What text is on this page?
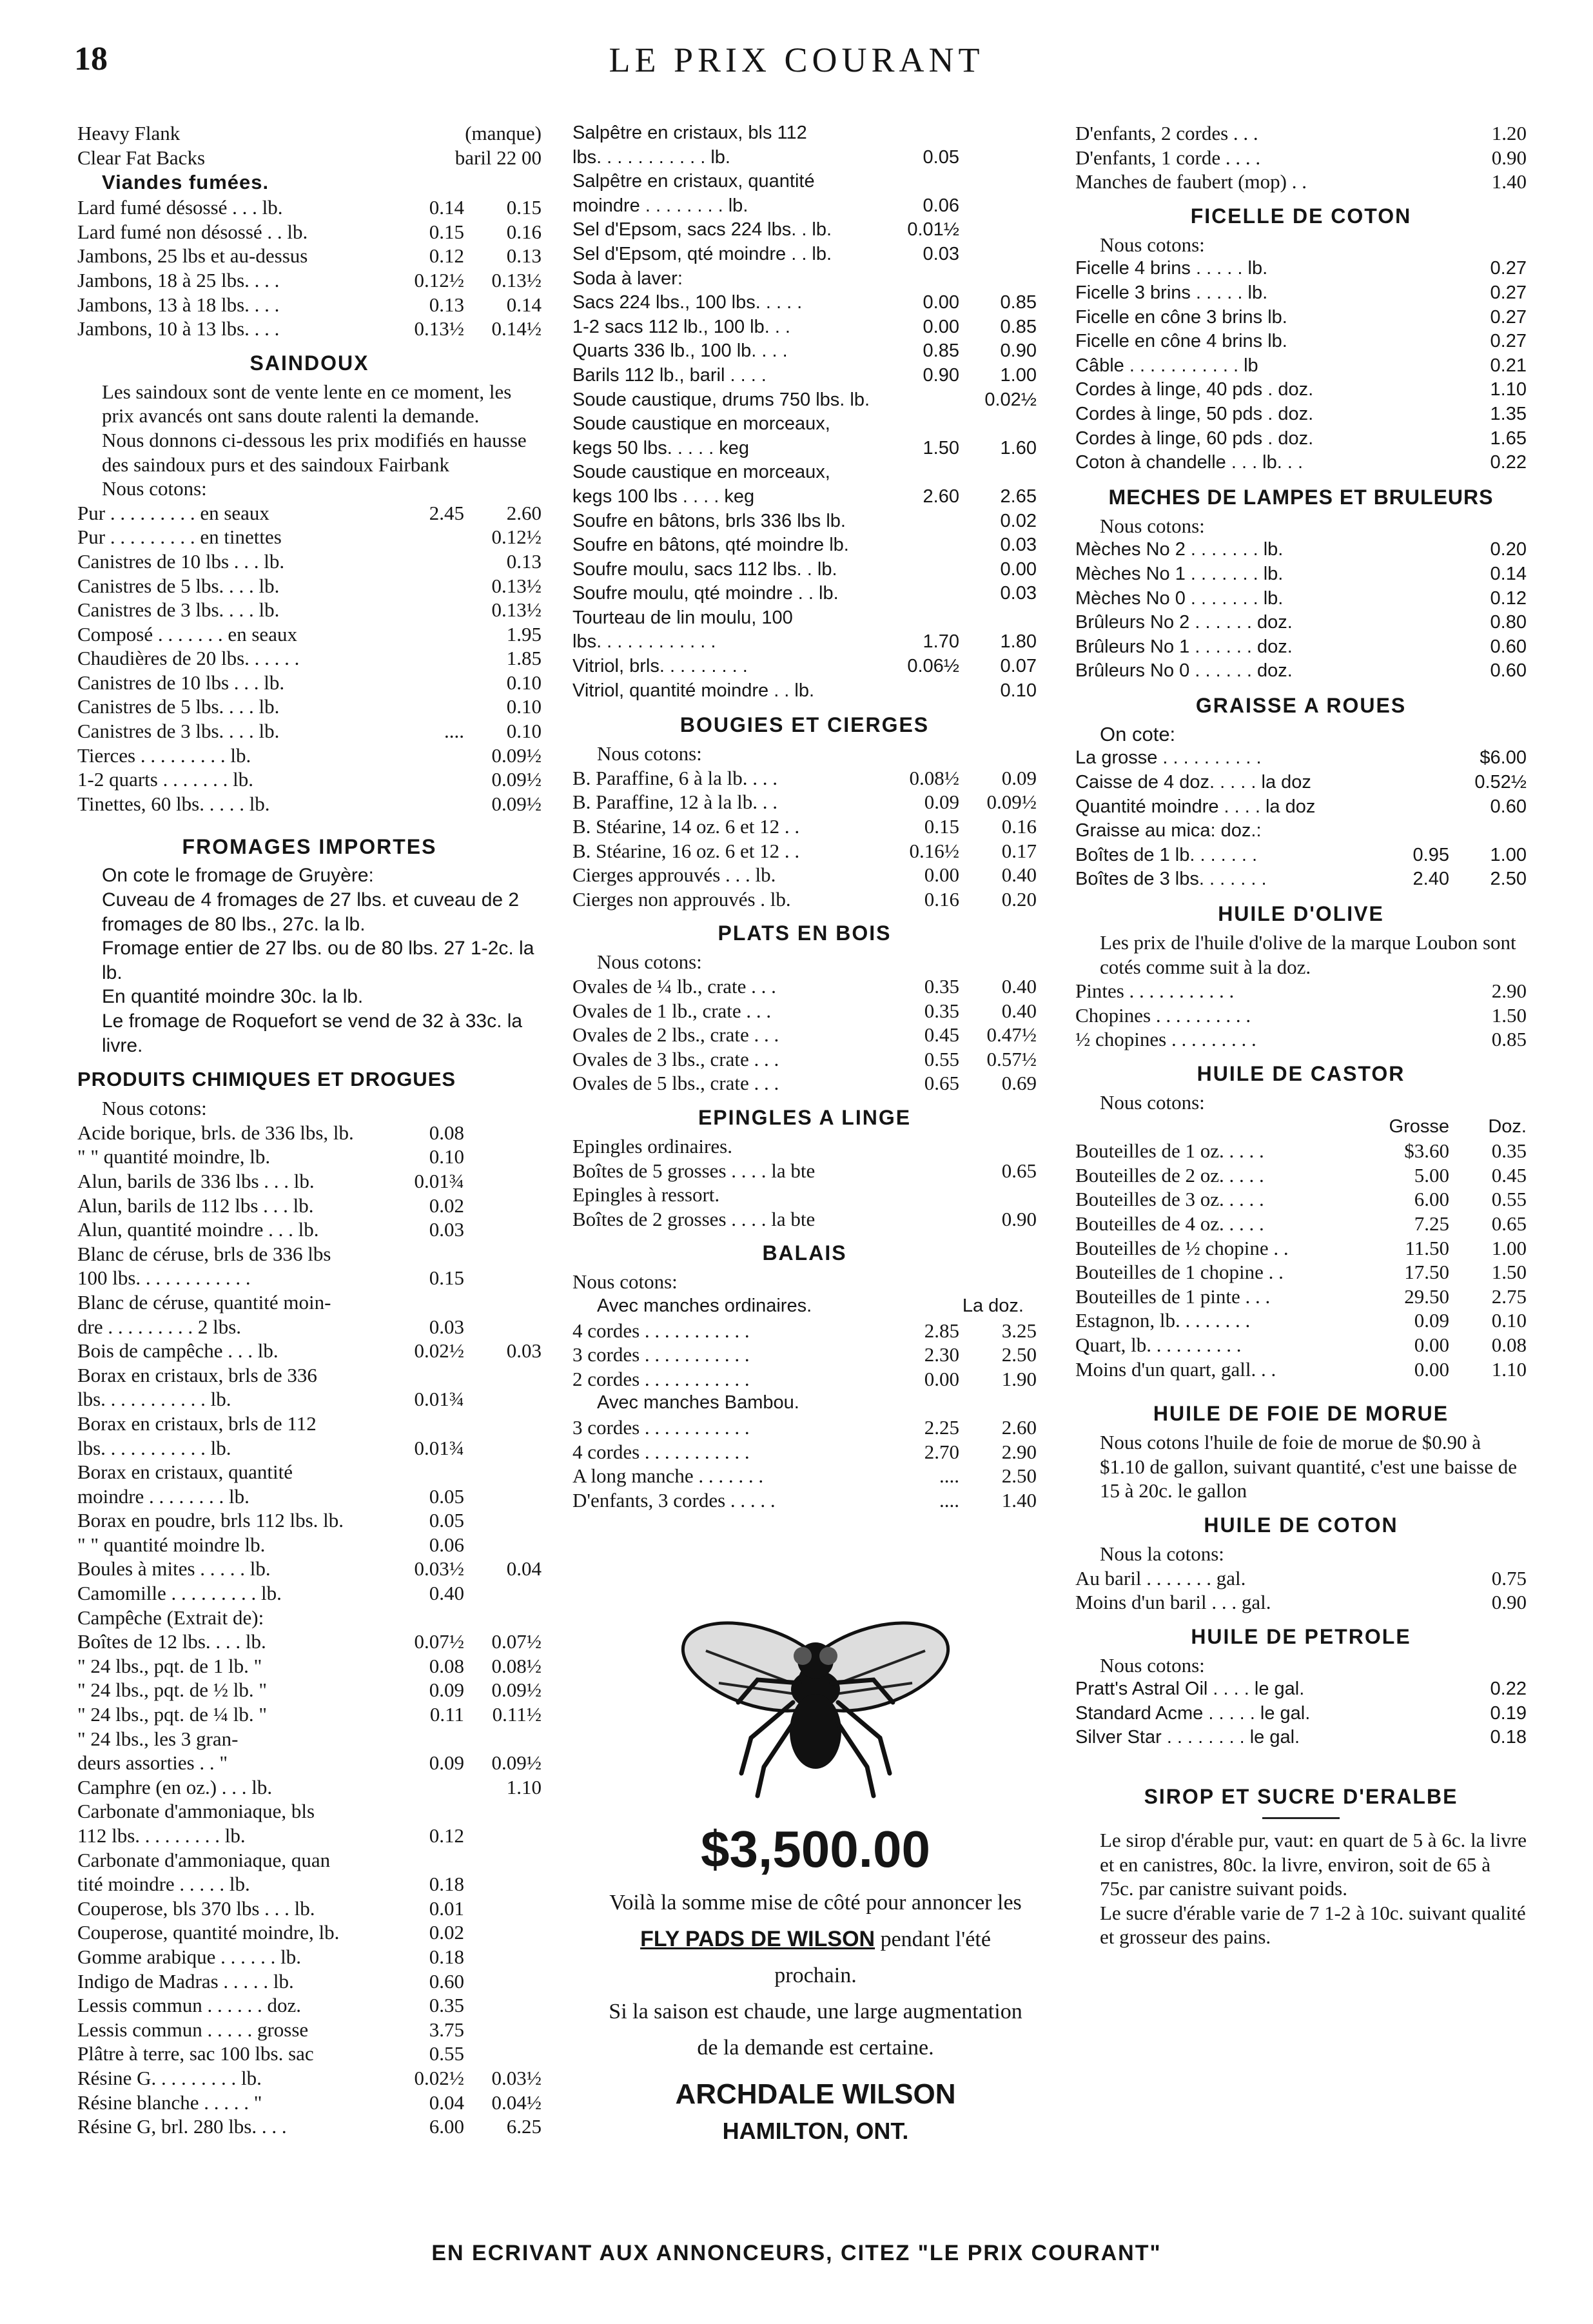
18	LE PRIX COURANT
Heavy Flank	(manque)
Clear Fat Backs	baril 22 00
Viandes fumées.
Lard fumé désossé . . . lb.	0.14	0.15
Lard fumé non désossé . . lb.	0.15	0.16
Jambons, 25 lbs et au-dessus	0.12	0.13
Jambons, 18 à 25 lbs. . . .	0.12½	0.13½
Jambons, 13 à 18 lbs. . . .	0.13	0.14
Jambons, 10 à 13 lbs. . . .	0.13½	0.14½
SAINDOUX
Les saindoux sont de vente lente en ce moment, les prix avancés ont sans doute ralenti la demande.
Nous donnons ci-dessous les prix modifiés en hausse des saindoux purs et des saindoux Fairbank
Nous cotons:
Pur . . . . . . . . . en seaux	2.45	2.60
Pur . . . . . . . . . en tinettes	0.12½
Canistres de 10 lbs . . . lb.	0.13
Canistres de 5 lbs. . . . lb.	0.13½
Canistres de 3 lbs. . . . lb.	0.13½
Composé . . . . . . . en seaux	1.95
Chaudières de 20 lbs. . . . . .	1.85
Canistres de 10 lbs . . . lb.	0.10
Canistres de 5 lbs. . . . lb.	0.10
Canistres de 3 lbs. . . . lb.	....	0.10
Tierces . . . . . . . . . lb.	0.09½
1-2 quarts . . . . . . . lb.	0.09½
Tinettes, 60 lbs. . . . . lb.	0.09½
FROMAGES IMPORTES
On cote le fromage de Gruyère:
Cuveau de 4 fromages de 27 lbs. et cuveau de 2 fromages de 80 lbs., 27c. la lb.
Fromage entier de 27 lbs. ou de 80 lbs. 27 1-2c. la lb.
En quantité moindre 30c. la lb.
Le fromage de Roquefort se vend de 32 à 33c. la livre.
PRODUITS CHIMIQUES ET DROGUES
Nous cotons:
Acide borique, brls. de 336 lbs, lb.	0.08
" " quantité moindre, lb.	0.10
Alun, barils de 336 lbs . . . lb.	0.01¾
Alun, barils de 112 lbs . . . lb.	0.02
Alun, quantité moindre . . . lb.	0.03
Blanc de céruse, brls de 336 lbs
100 lbs. . . . . . . . . . . .	0.15
Blanc de céruse, quantité moin-
dre . . . . . . . . . 2 lbs.	0.03
Bois de campêche . . . lb.	0.02½	0.03
Borax en cristaux, brls de 336
lbs. . . . . . . . . . . lb.	0.01¾
Borax en cristaux, brls de 112
lbs. . . . . . . . . . . lb.	0.01¾
Borax en cristaux, quantité
moindre . . . . . . . . lb.	0.05
Borax en poudre, brls 112 lbs. lb.	0.05
" " quantité moindre lb.	0.06
Boules à mites . . . . . lb.	0.03½	0.04
Camomille . . . . . . . . . lb.	0.40
Campêche (Extrait de):
Boîtes de 12 lbs. . . . lb.	0.07½	0.07½
" 24 lbs., pqt. de 1 lb. "	0.08	0.08½
" 24 lbs., pqt. de ½ lb. "	0.09	0.09½
" 24 lbs., pqt. de ¼ lb. "	0.11	0.11½
" 24 lbs., les 3 gran-
deurs assorties . . "	0.09	0.09½
Camphre (en oz.) . . . lb.	1.10
Carbonate d'ammoniaque, bls
112 lbs. . . . . . . . . lb.	0.12
Carbonate d'ammoniaque, quan
tité moindre . . . . . lb.	0.18
Couperose, bls 370 lbs . . . lb.	0.01
Couperose, quantité moindre, lb.	0.02
Gomme arabique . . . . . . lb.	0.18
Indigo de Madras . . . . . lb.	0.60
Lessis commun . . . . . . doz.	0.35
Lessis commun . . . . . grosse	3.75
Plâtre à terre, sac 100 lbs. sac	0.55
Résine G. . . . . . . . . lb.	0.02½	0.03½
Résine blanche . . . . . "	0.04	0.04½
Résine G, brl. 280 lbs. . . .	6.00	6.25
Salpêtre en cristaux, bls 112
lbs. . . . . . . . . . . lb.	0.05
Salpêtre en cristaux, quantité
moindre . . . . . . . . lb.	0.06
Sel d'Epsom, sacs 224 lbs. . lb.	0.01½
Sel d'Epsom, qté moindre . . lb.	0.03
Soda à laver:
Sacs 224 lbs., 100 lbs. . . . .	0.00	0.85
1-2 sacs 112 lb., 100 lb. . .	0.00	0.85
Quarts 336 lb., 100 lb. . . .	0.85	0.90
Barils 112 lb., baril . . . .	0.90	1.00
Soude caustique, drums 750 lbs. lb.	0.02½
Soude caustique en morceaux,
kegs 50 lbs. . . . . keg	1.50	1.60
Soude caustique en morceaux,
kegs 100 lbs . . . . keg	2.60	2.65
Soufre en bâtons, brls 336 lbs lb.	0.02
Soufre en bâtons, qté moindre lb.	0.03
Soufre moulu, sacs 112 lbs. . lb.	0.00
Soufre moulu, qté moindre . . lb.	0.03
Tourteau de lin moulu, 100
lbs. . . . . . . . . . . .	1.70	1.80
Vitriol, brls. . . . . . . . .	0.06½	0.07
Vitriol, quantité moindre . . lb.	0.10
BOUGIES ET CIERGES
Nous cotons:
B. Paraffine, 6 à la lb. . . .	0.08½	0.09
B. Paraffine, 12 à la lb. . .	0.09	0.09½
B. Stéarine, 14 oz. 6 et 12 . .	0.15	0.16
B. Stéarine, 16 oz. 6 et 12 . .	0.16½	0.17
Cierges approuvés . . . lb.	0.00	0.40
Cierges non approuvés . lb.	0.16	0.20
PLATS EN BOIS
Nous cotons:
Ovales de ¼ lb., crate . . .	0.35	0.40
Ovales de 1 lb., crate . . .	0.35	0.40
Ovales de 2 lbs., crate . . .	0.45	0.47½
Ovales de 3 lbs., crate . . .	0.55	0.57½
Ovales de 5 lbs., crate . . .	0.65	0.69
EPINGLES A LINGE
Epingles ordinaires.
Boîtes de 5 grosses . . . . la bte	0.65
Epingles à ressort.
Boîtes de 2 grosses . . . . la bte	0.90
BALAIS
Nous cotons:
Avec manches ordinaires.	La doz.
4 cordes . . . . . . . . . . .	2.85	3.25
3 cordes . . . . . . . . . . .	2.30	2.50
2 cordes . . . . . . . . . . .	0.00	1.90
Avec manches Bambou.
3 cordes . . . . . . . . . . .	2.25	2.60
4 cordes . . . . . . . . . . .	2.70	2.90
A long manche . . . . . . .	....	2.50
D'enfants, 3 cordes . . . . .	....	1.40
D'enfants, 2 cordes . . .	1.20
D'enfants, 1 corde . . . .	0.90
Manches de faubert (mop) . .	1.40
FICELLE DE COTON
Nous cotons:
Ficelle 4 brins . . . . . lb.	0.27
Ficelle 3 brins . . . . . lb.	0.27
Ficelle en cône 3 brins lb.	0.27
Ficelle en cône 4 brins lb.	0.27
Câble . . . . . . . . . . . lb	0.21
Cordes à linge, 40 pds . doz.	1.10
Cordes à linge, 50 pds . doz.	1.35
Cordes à linge, 60 pds . doz.	1.65
Coton à chandelle . . . lb. . .	0.22
MECHES DE LAMPES ET BRULEURS
Nous cotons:
Mèches No 2 . . . . . . . lb.	0.20
Mèches No 1 . . . . . . . lb.	0.14
Mèches No 0 . . . . . . . lb.	0.12
Brûleurs No 2 . . . . . . doz.	0.80
Brûleurs No 1 . . . . . . doz.	0.60
Brûleurs No 0 . . . . . . doz.	0.60
GRAISSE A ROUES
On cote:
La grosse . . . . . . . . . .	$6.00
Caisse de 4 doz. . . . . la doz	0.52½
Quantité moindre . . . . la doz	0.60
Graisse au mica: doz.:
Boîtes de 1 lb. . . . . . .	0.95	1.00
Boîtes de 3 lbs. . . . . . .	2.40	2.50
HUILE D'OLIVE
Les prix de l'huile d'olive de la marque Loubon sont cotés comme suit à la doz.
Pintes . . . . . . . . . . .	2.90
Chopines . . . . . . . . . .	1.50
½ chopines . . . . . . . . .	0.85
HUILE DE CASTOR
Nous cotons:
Grosse	Doz.
Bouteilles de 1 oz. . . . .	$3.60	0.35
Bouteilles de 2 oz. . . . .	5.00	0.45
Bouteilles de 3 oz. . . . .	6.00	0.55
Bouteilles de 4 oz. . . . .	7.25	0.65
Bouteilles de ½ chopine . .	11.50	1.00
Bouteilles de 1 chopine . .	17.50	1.50
Bouteilles de 1 pinte . . .	29.50	2.75
Estagnon, lb. . . . . . . .	0.09	0.10
Quart, lb. . . . . . . . . .	0.00	0.08
Moins d'un quart, gall. . .	0.00	1.10
HUILE DE FOIE DE MORUE
Nous cotons l'huile de foie de morue de $0.90 à $1.10 de gallon, suivant quantité, c'est une baisse de 15 à 20c. le gallon
HUILE DE COTON
Nous la cotons:
Au baril . . . . . . . gal.	0.75
Moins d'un baril . . . gal.	0.90
HUILE DE PETROLE
Nous cotons:
Pratt's Astral Oil . . . . le gal.	0.22
Standard Acme . . . . . le gal.	0.19
Silver Star . . . . . . . . le gal.	0.18
SIROP ET SUCRE D'ERALBE
Le sirop d'érable pur, vaut: en quart de 5 à 6c. la livre et en canistres, 80c. la livre, environ, soit de 65 à 75c. par canistre suivant poids.
Le sucre d'érable varie de 7 1-2 à 10c. suivant qualité et grosseur des pains.
$3,500.00
Voilà la somme mise de côté pour annoncer les FLY PADS DE WILSON pendant l'été prochain.
Si la saison est chaude, une large augmentation de la demande est certaine.
ARCHDALE WILSON
HAMILTON, ONT.
EN ECRIVANT AUX ANNONCEURS, CITEZ "LE PRIX COURANT"
